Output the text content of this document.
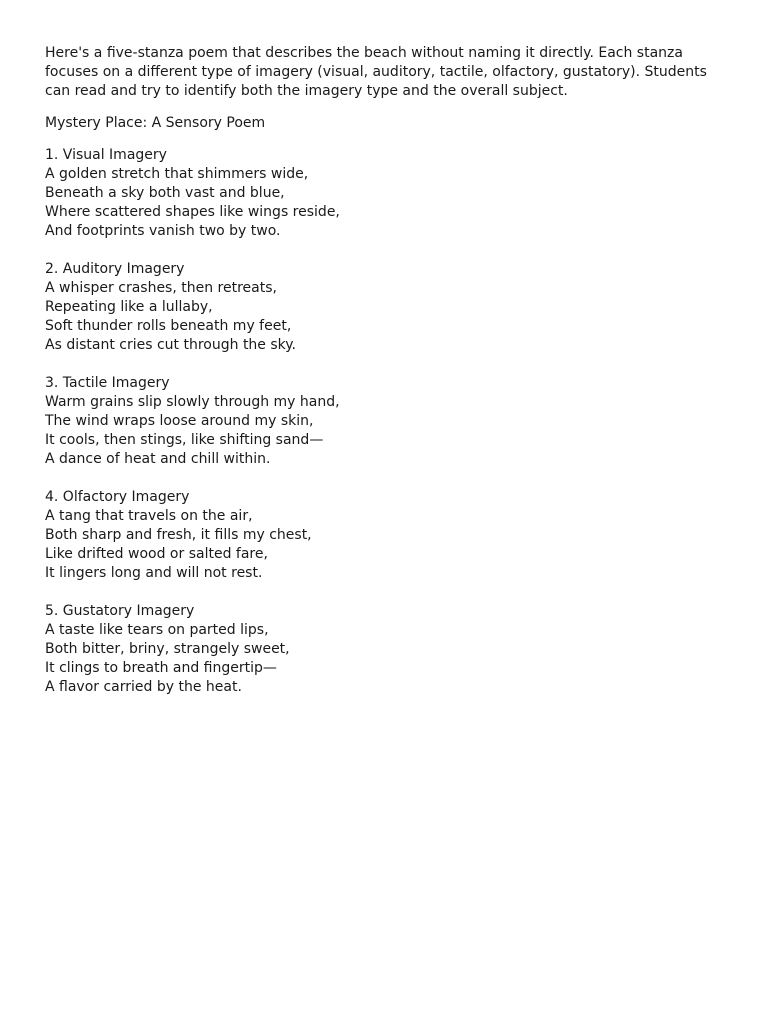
Here's a five-stanza poem that describes the beach without naming it directly. Each stanza focuses on a different type of imagery (visual, auditory, tactile, olfactory, gustatory). Students can read and try to identify both the imagery type and the overall subject.

Mystery Place: A Sensory Poem

1. Visual Imagery
A golden stretch that shimmers wide,
Beneath a sky both vast and blue,
Where scattered shapes like wings reside,
And footprints vanish two by two.
2. Auditory Imagery
A whisper crashes, then retreats,
Repeating like a lullaby,
Soft thunder rolls beneath my feet,
As distant cries cut through the sky.
3. Tactile Imagery
Warm grains slip slowly through my hand,
The wind wraps loose around my skin,
It cools, then stings, like shifting sand—
A dance of heat and chill within.
4. Olfactory Imagery
A tang that travels on the air,
Both sharp and fresh, it fills my chest,
Like drifted wood or salted fare,
It lingers long and will not rest.
5. Gustatory Imagery
A taste like tears on parted lips,
Both bitter, briny, strangely sweet,
It clings to breath and fingertip—
A flavor carried by the heat.
